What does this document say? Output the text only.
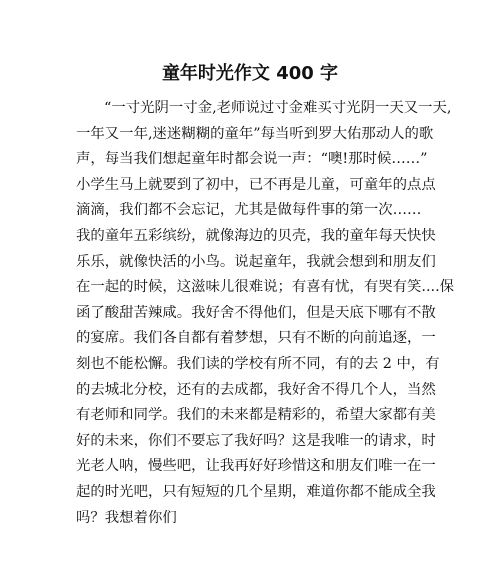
童年时光作文 400 字
“一寸光阴一寸金,老师说过寸金难买寸光阴一天又一天,
一年又一年,迷迷糊糊的童年”每当听到罗大佑那动人的歌
声，每当我们想起童年时都会说一声：“噢!那时候……”
小学生马上就要到了初中，已不再是儿童，可童年的点点
滴滴，我们都不会忘记，尤其是做每件事的第一次……
我的童年五彩缤纷，就像海边的贝壳，我的童年每天快快
乐乐，就像快活的小鸟。说起童年，我就会想到和朋友们
在一起的时候，这滋味儿很难说；有喜有忧，有哭有笑....保
函了酸甜苦辣咸。我好舍不得他们，但是天底下哪有不散
的宴席。我们各自都有着梦想，只有不断的向前追逐，一
刻也不能松懈。我们读的学校有所不同，有的去 2 中，有
的去城北分校，还有的去成都，我好舍不得几个人，当然
有老师和同学。我们的未来都是精彩的，希望大家都有美
好的未来，你们不要忘了我好吗？这是我唯一的请求，时
光老人呐，慢些吧，让我再好好珍惜这和朋友们唯一在一
起的时光吧，只有短短的几个星期，难道你都不能成全我
吗？我想着你们
